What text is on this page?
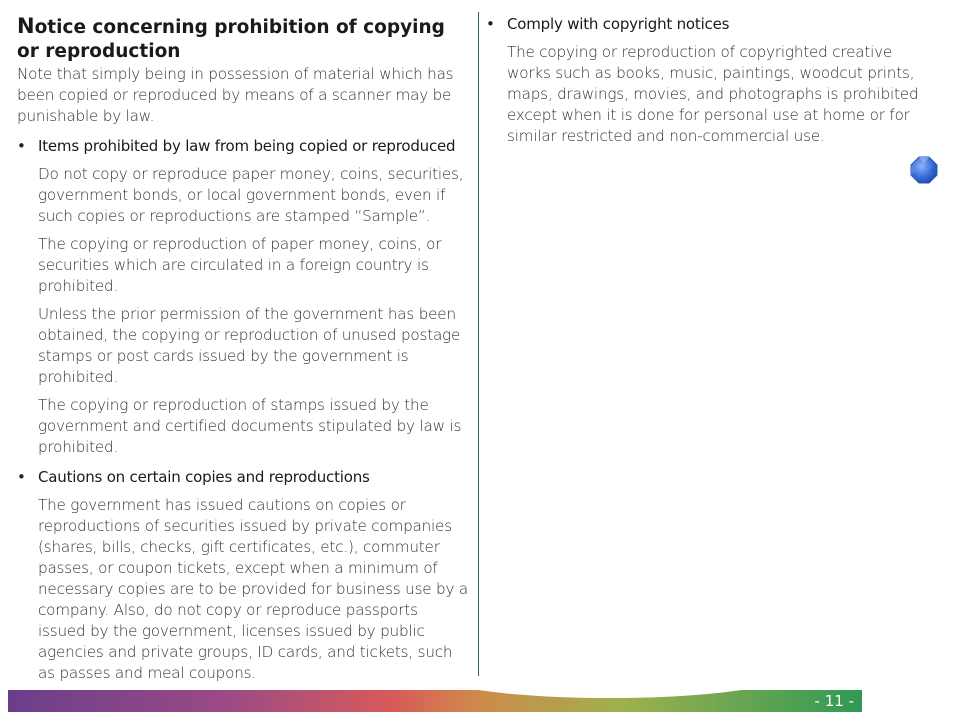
Notice concerning prohibition of copying or reproduction

Note that simply being in possession of material which has been copied or reproduced by means of a scanner may be punishable by law.

• Items prohibited by law from being copied or reproduced

Do not copy or reproduce paper money, coins, securities, government bonds, or local government bonds, even if such copies or reproductions are stamped “Sample”.

The copying or reproduction of paper money, coins, or securities which are circulated in a foreign country is prohibited.

Unless the prior permission of the government has been obtained, the copying or reproduction of unused postage stamps or post cards issued by the government is prohibited.

The copying or reproduction of stamps issued by the government and certified documents stipulated by law is prohibited.

• Cautions on certain copies and reproductions

The government has issued cautions on copies or reproductions of securities issued by private companies (shares, bills, checks, gift certificates, etc.), commuter passes, or coupon tickets, except when a minimum of necessary copies are to be provided for business use by a company. Also, do not copy or reproduce passports issued by the government, licenses issued by public agencies and private groups, ID cards, and tickets, such as passes and meal coupons.

• Comply with copyright notices

The copying or reproduction of copyrighted creative works such as books, music, paintings, woodcut prints, maps, drawings, movies, and photographs is prohibited except when it is done for personal use at home or for similar restricted and non-commercial use.

- 11 -
